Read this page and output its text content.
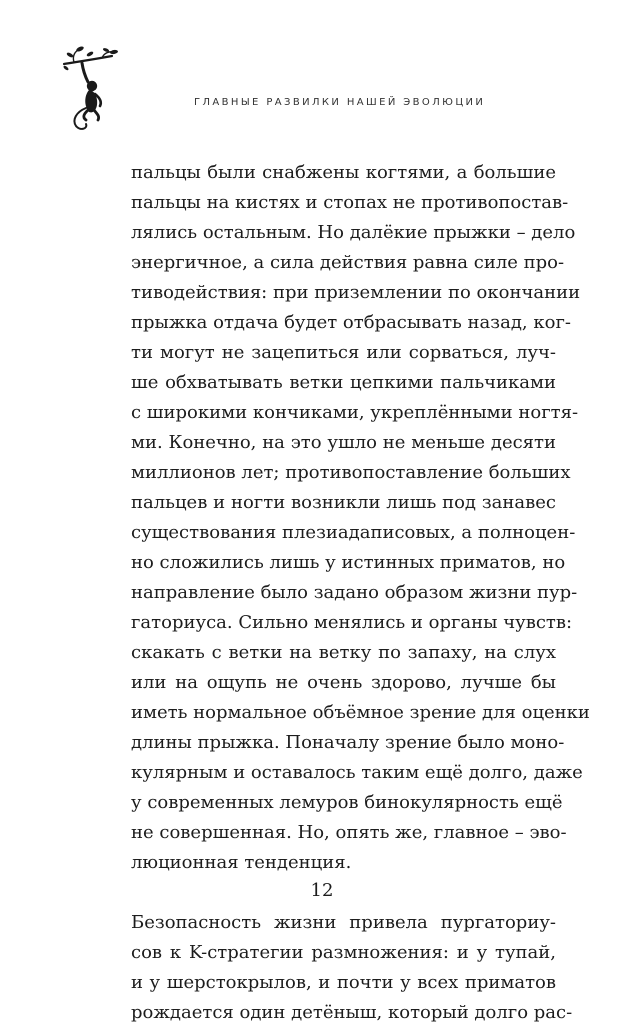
ГЛАВНЫЕ РАЗВИЛКИ НАШЕЙ ЭВОЛЮЦИИ
пальцы были снабжены когтями, а большие
пальцы на кистях и стопах не противопостав-
лялись остальным. Но далёкие прыжки – дело
энергичное, а сила действия равна силе про-
тиводействия: при приземлении по окончании
прыжка отдача будет отбрасывать назад, ког-
ти могут не зацепиться или сорваться, луч-
ше обхватывать ветки цепкими пальчиками
с широкими кончиками, укреплёнными ногтя-
ми. Конечно, на это ушло не меньше десяти
миллионов лет; противопоставление больших
пальцев и ногти возникли лишь под занавес
существования плезиадаписовых, а полноцен-
но сложились лишь у истинных приматов, но
направление было задано образом жизни пур-
гаториуса. Сильно менялись и органы чувств:
скакать с ветки на ветку по запаху, на слух
или на ощупь не очень здорово, лучше бы
иметь нормальное объёмное зрение для оценки
длины прыжка. Поначалу зрение было моно-
кулярным и оставалось таким ещё долго, даже
у современных лемуров бинокулярность ещё
не совершенная. Но, опять же, главное – эво-
люционная тенденция.
Безопасность жизни привела пургаториу-
сов к K-стратегии размножения: и у тупай,
и у шерстокрылов, и почти у всех приматов
рождается один детёныш, который долго рас-
12
